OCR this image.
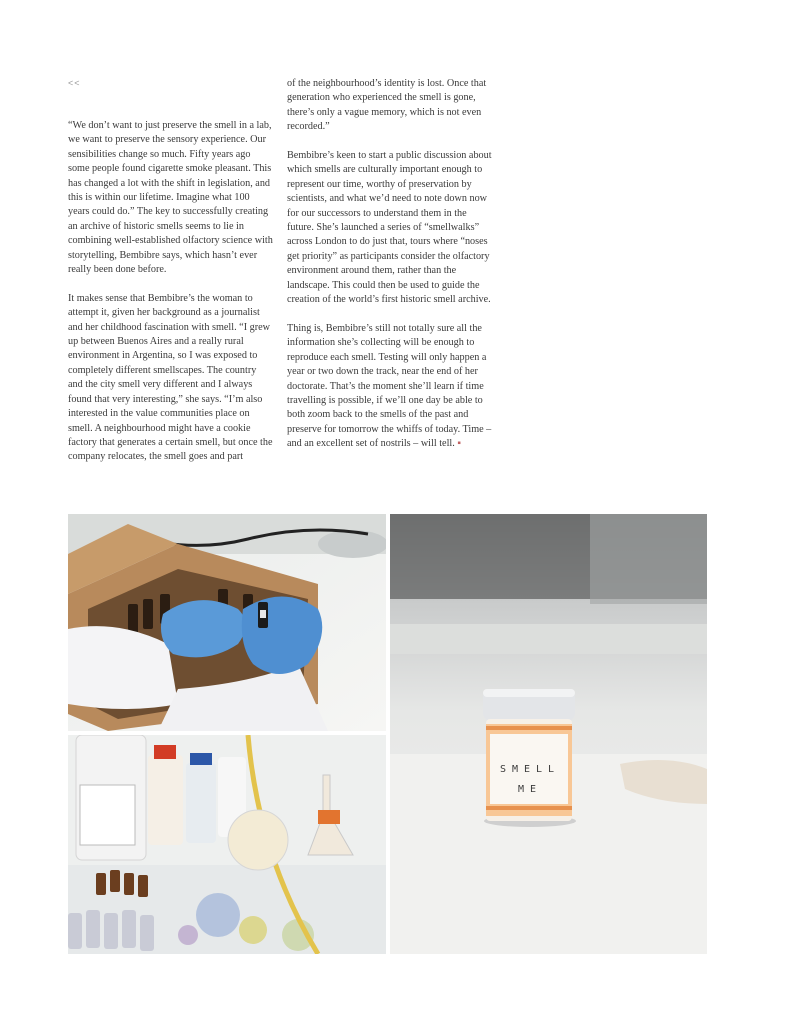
<<

“We don’t want to just preserve the smell in a lab, we want to preserve the sensory experience. Our sensibilities change so much. Fifty years ago some people found cigarette smoke pleasant. This has changed a lot with the shift in legislation, and this is within our lifetime. Imagine what 100 years could do.” The key to successfully creating an archive of historic smells seems to lie in combining well-established olfactory science with storytelling, Bembibre says, which hasn’t ever really been done before.

It makes sense that Bembibre’s the woman to attempt it, given her background as a journalist and her childhood fascination with smell. “I grew up between Buenos Aires and a really rural environment in Argentina, so I was exposed to completely different smellscapes. The country and the city smell very different and I always found that very interesting,” she says. “I’m also interested in the value communities place on smell. A neighbourhood might have a cookie factory that generates a certain smell, but once the company relocates, the smell goes and part

of the neighbourhood’s identity is lost. Once that generation who experienced the smell is gone, there’s only a vague memory, which is not even recorded.”

Bembibre’s keen to start a public discussion about which smells are culturally important enough to represent our time, worthy of preservation by scientists, and what we’d need to note down now for our successors to understand them in the future. She’s launched a series of “smellwalks” across London to do just that, tours where “noses get priority” as participants consider the olfactory environment around them, rather than the landscape. This could then be used to guide the creation of the world’s first historic smell archive.

Thing is, Bembibre’s still not totally sure all the information she’s collecting will be enough to reproduce each smell. Testing will only happen a year or two down the track, near the end of her doctorate. That’s the moment she’ll learn if time travelling is possible, if we’ll one day be able to both zoom back to the smells of the past and preserve for tomorrow the whiffs of today. Time – and an excellent set of nostrils – will tell. ▪

SMELL
ME
